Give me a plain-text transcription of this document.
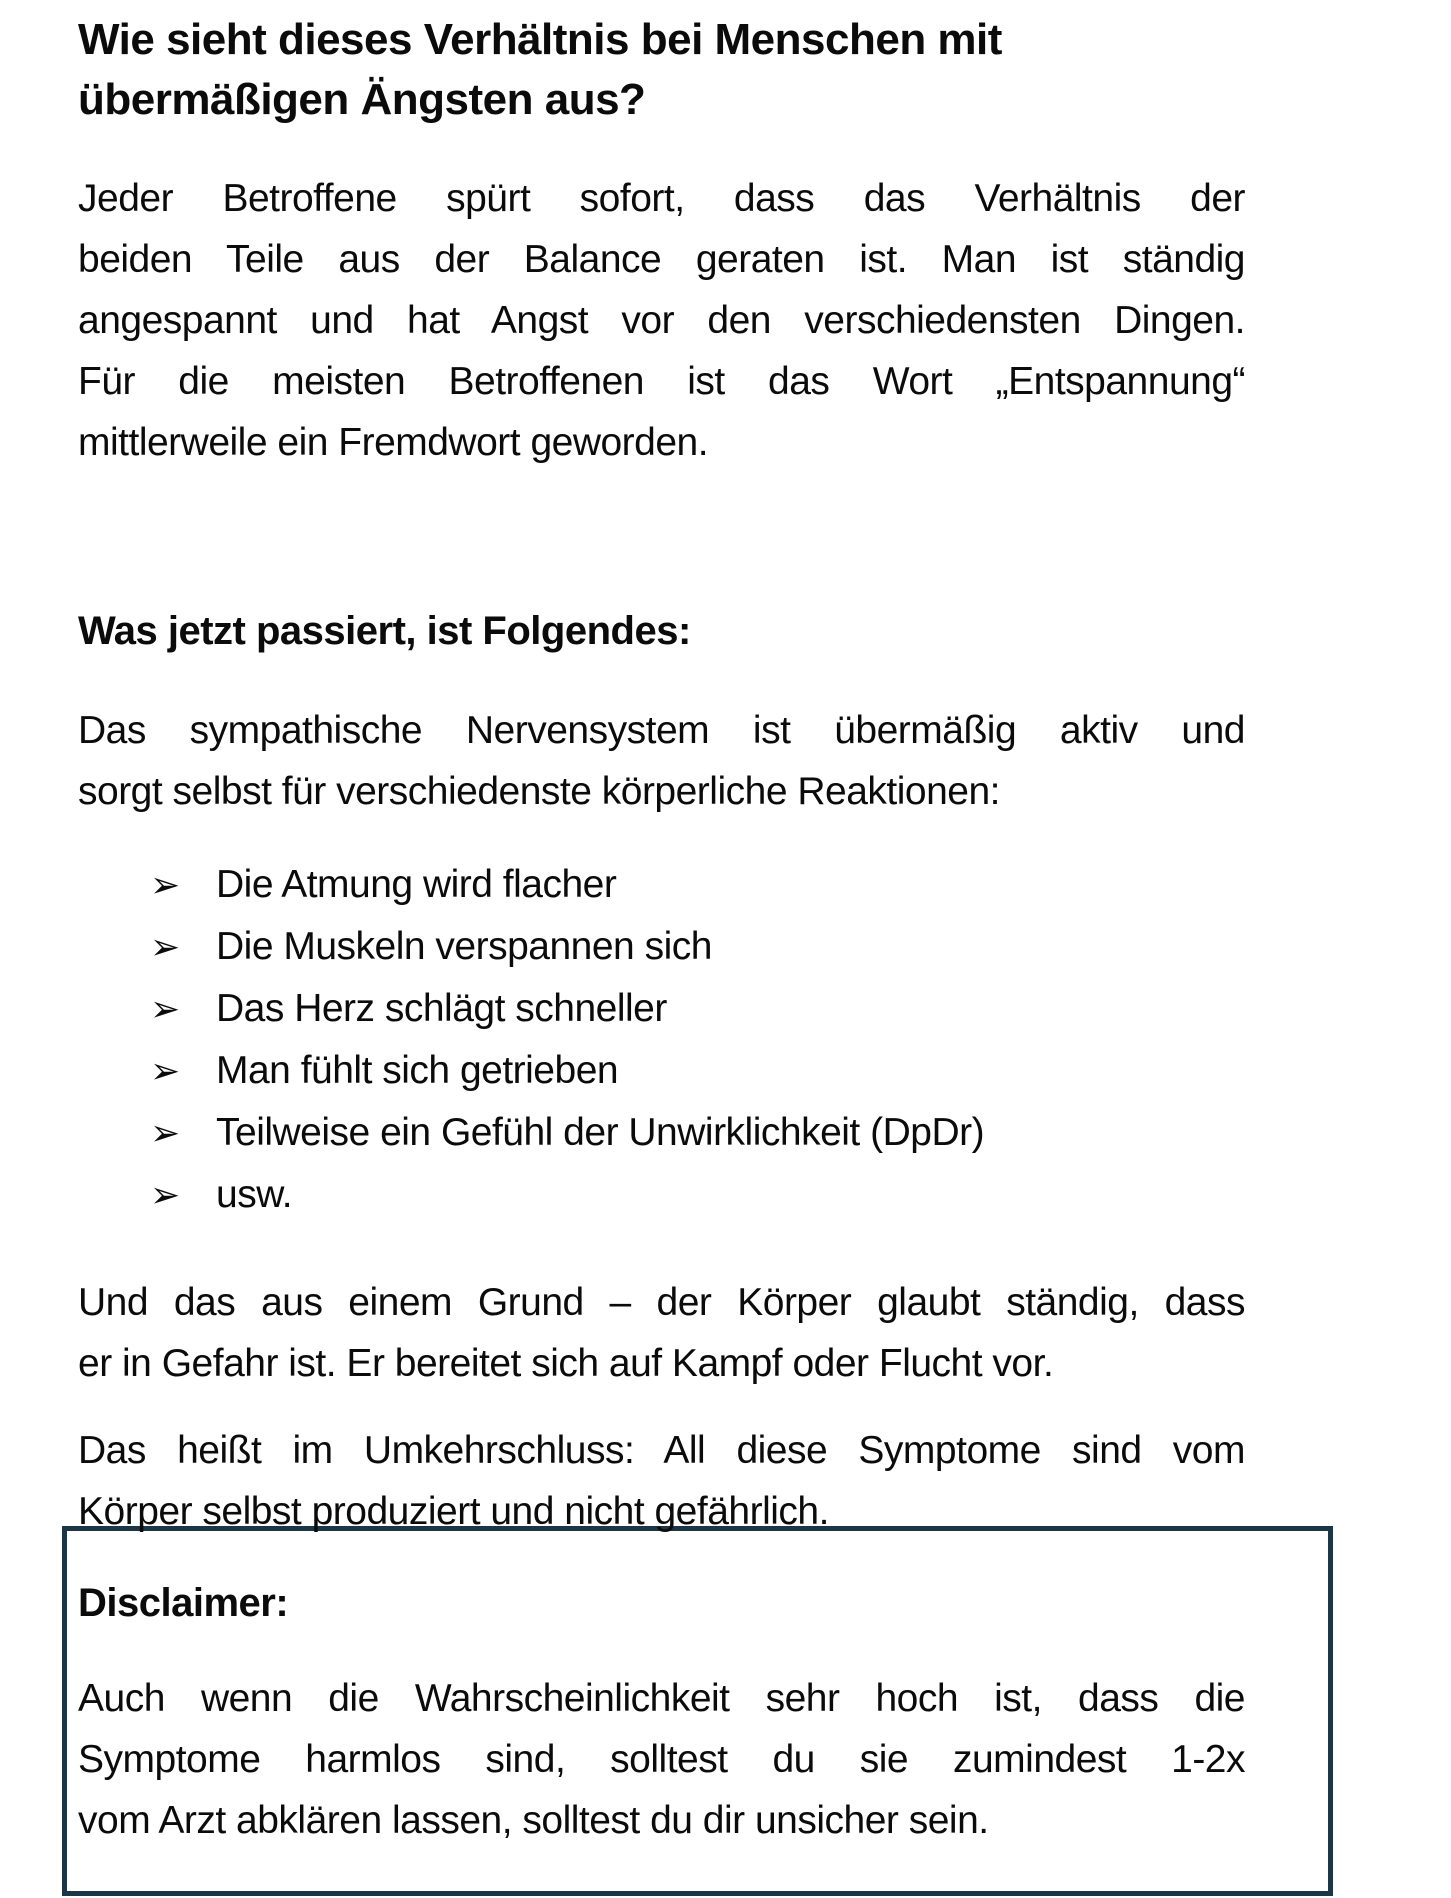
Wie sieht dieses Verhältnis bei Menschen mit
übermäßigen Ängsten aus?
Jeder Betroffene spürt sofort, dass das Verhältnis der
beiden Teile aus der Balance geraten ist. Man ist ständig
angespannt und hat Angst vor den verschiedensten Dingen.
Für die meisten Betroffenen ist das Wort „Entspannung“
mittlerweile ein Fremdwort geworden.
Was jetzt passiert, ist Folgendes:
Das sympathische Nervensystem ist übermäßig aktiv und
sorgt selbst für verschiedenste körperliche Reaktionen:
➢ Die Atmung wird flacher
➢ Die Muskeln verspannen sich
➢ Das Herz schlägt schneller
➢ Man fühlt sich getrieben
➢ Teilweise ein Gefühl der Unwirklichkeit (DpDr)
➢ usw.
Und das aus einem Grund – der Körper glaubt ständig, dass
er in Gefahr ist. Er bereitet sich auf Kampf oder Flucht vor.
Das heißt im Umkehrschluss: All diese Symptome sind vom
Körper selbst produziert und nicht gefährlich.
Disclaimer:
Auch wenn die Wahrscheinlichkeit sehr hoch ist, dass die
Symptome harmlos sind, solltest du sie zumindest 1-2x
vom Arzt abklären lassen, solltest du dir unsicher sein.
